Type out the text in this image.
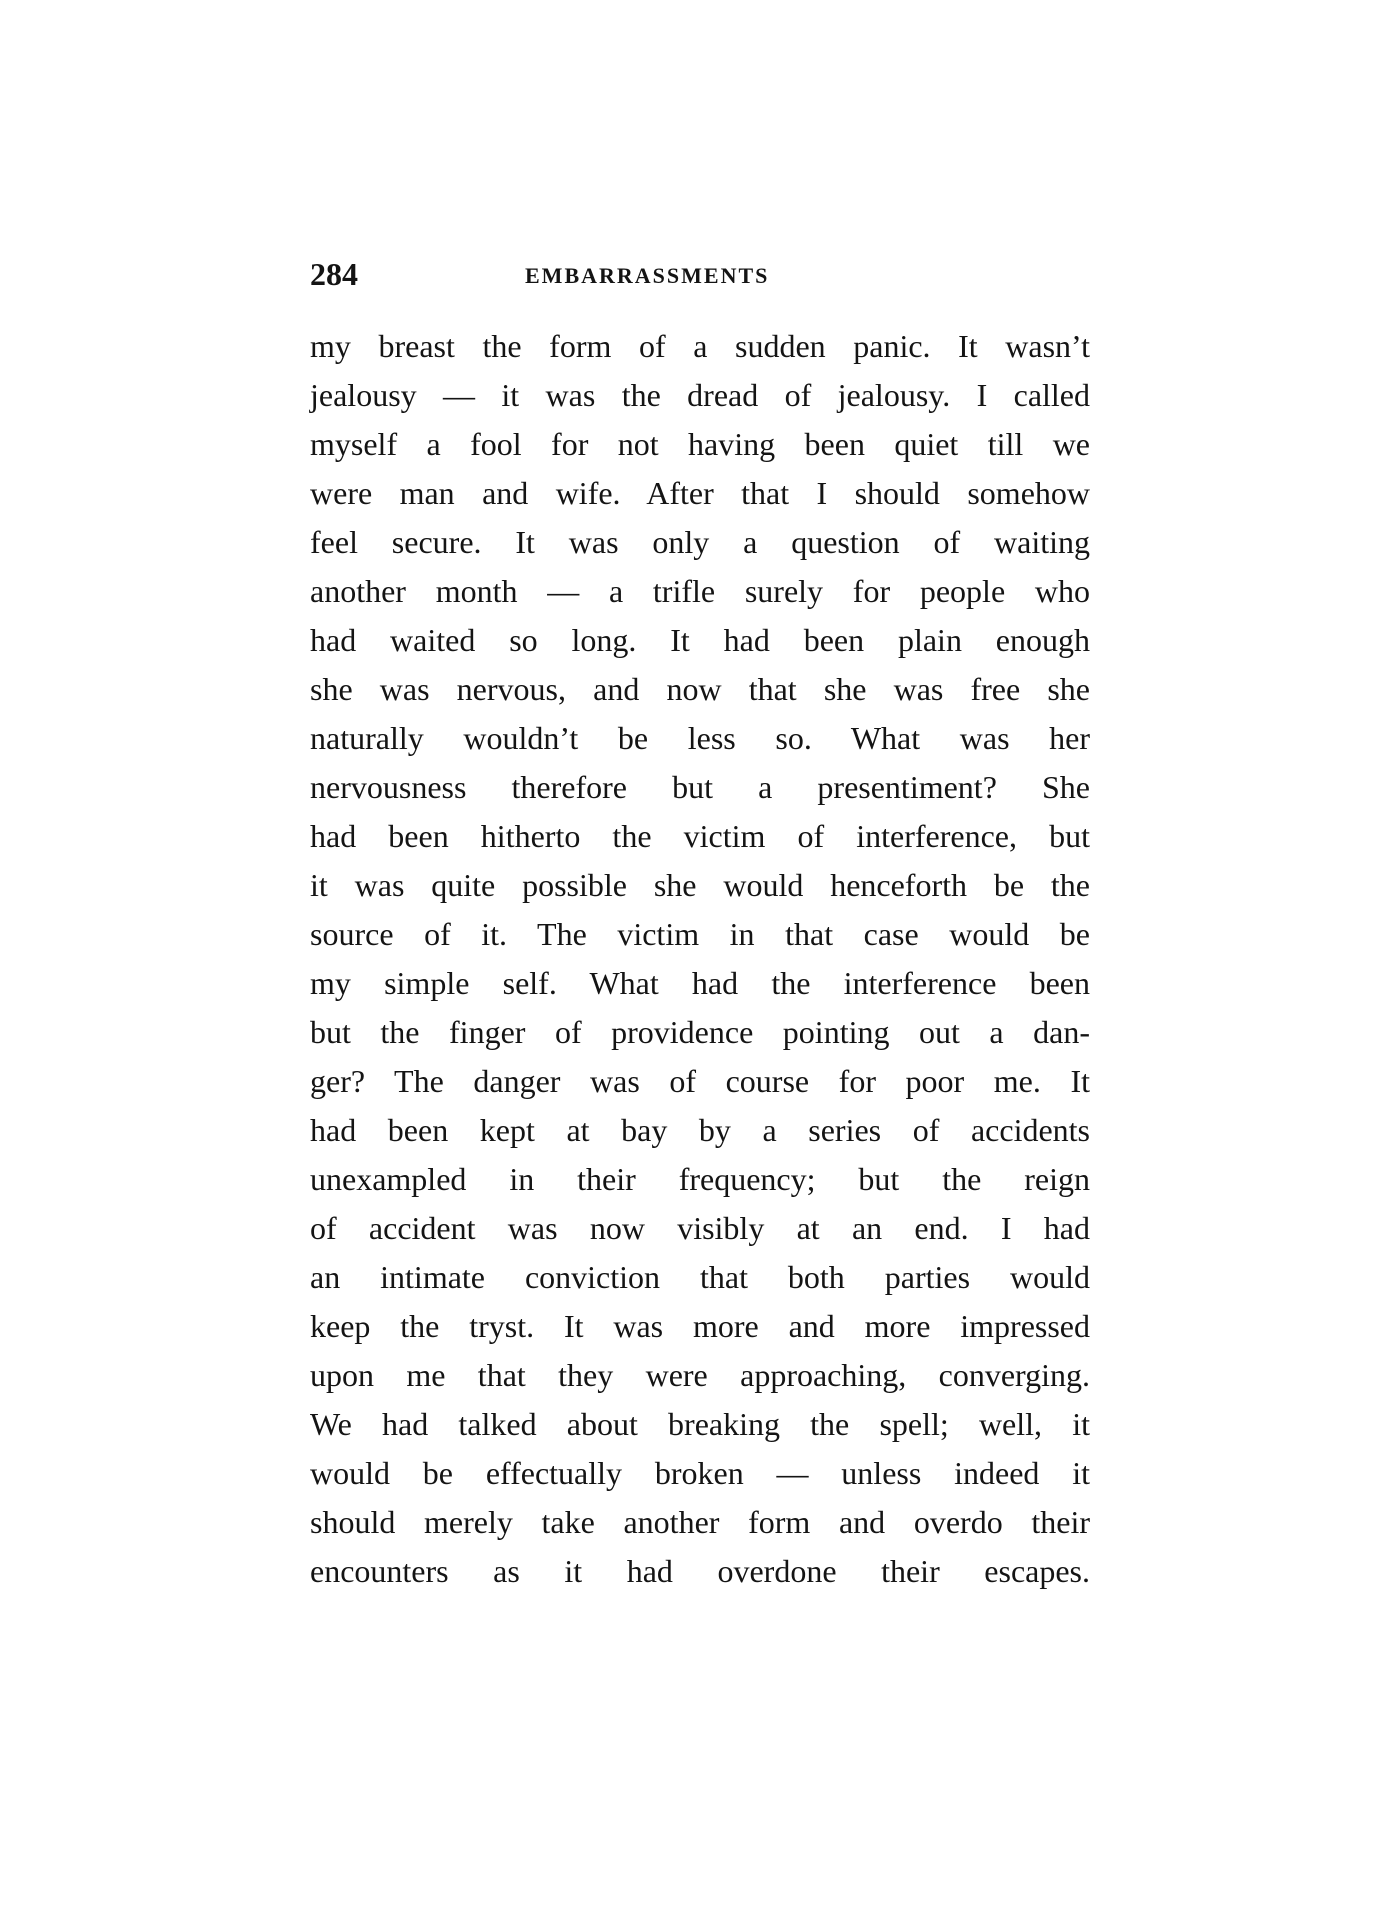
284	EMBARRASSMENTS
my breast the form of a sudden panic. It wasn’t
jealousy — it was the dread of jealousy. I called
myself a fool for not having been quiet till we
were man and wife. After that I should somehow
feel secure. It was only a question of waiting
another month — a trifle surely for people who
had waited so long. It had been plain enough
she was nervous, and now that she was free she
naturally wouldn’t be less so. What was her
nervousness therefore but a presentiment? She
had been hitherto the victim of interference, but
it was quite possible she would henceforth be the
source of it. The victim in that case would be
my simple self. What had the interference been
but the finger of providence pointing out a dan-
ger? The danger was of course for poor me. It
had been kept at bay by a series of accidents
unexampled in their frequency; but the reign
of accident was now visibly at an end. I had
an intimate conviction that both parties would
keep the tryst. It was more and more impressed
upon me that they were approaching, converging.
We had talked about breaking the spell; well, it
would be effectually broken — unless indeed it
should merely take another form and overdo their
encounters as it had overdone their escapes.
